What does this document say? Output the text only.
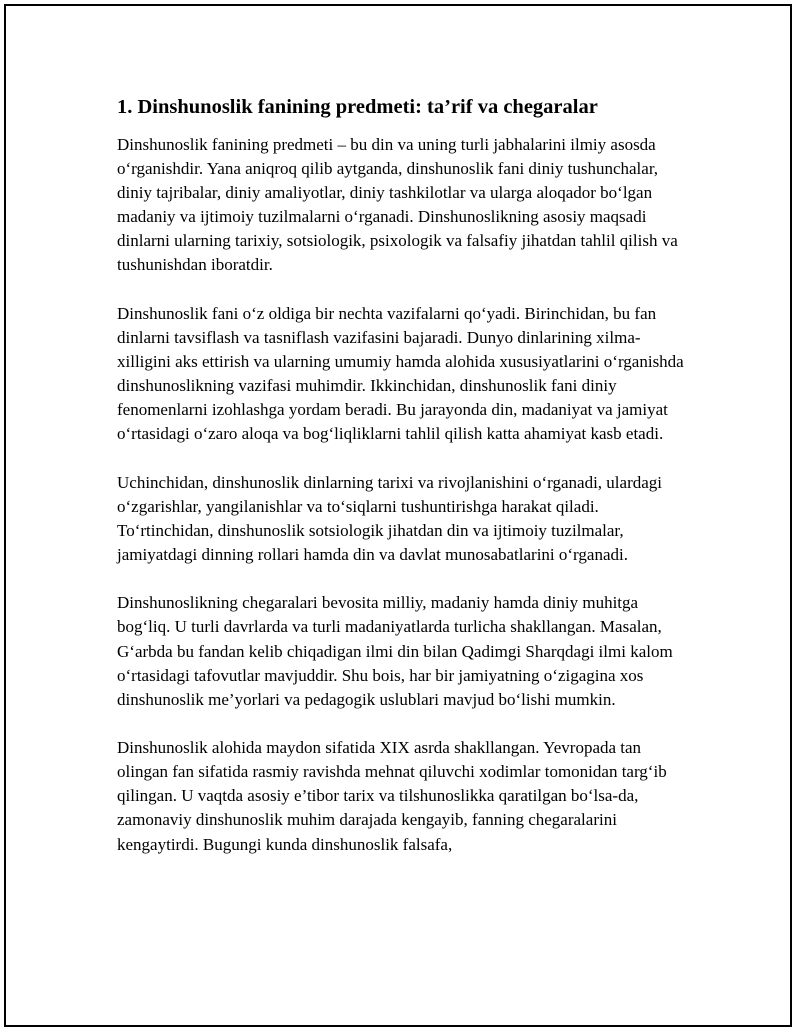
1. Dinshunoslik fanining predmeti: ta’rif va chegaralar

Dinshunoslik fanining predmeti – bu din va uning turli jabhalarini ilmiy asosda o‘rganishdir. Yana aniqroq qilib aytganda, dinshunoslik fani diniy tushunchalar, diniy tajribalar, diniy amaliyotlar, diniy tashkilotlar va ularga aloqador bo‘lgan madaniy va ijtimoiy tuzilmalarni o‘rganadi. Dinshunoslikning asosiy maqsadi dinlarni ularning tarixiy, sotsiologik, psixologik va falsafiy jihatdan tahlil qilish va tushunishdan iboratdir.

Dinshunoslik fani o‘z oldiga bir nechta vazifalarni qo‘yadi. Birinchidan, bu fan dinlarni tavsiflash va tasniflash vazifasini bajaradi. Dunyo dinlarining xilma-xilligini aks ettirish va ularning umumiy hamda alohida xususiyatlarini o‘rganishda dinshunoslikning vazifasi muhimdir. Ikkinchidan, dinshunoslik fani diniy fenomenlarni izohlashga yordam beradi. Bu jarayonda din, madaniyat va jamiyat o‘rtasidagi o‘zaro aloqa va bog‘liqliklarni tahlil qilish katta ahamiyat kasb etadi.

Uchinchidan, dinshunoslik dinlarning tarixi va rivojlanishini o‘rganadi, ulardagi o‘zgarishlar, yangilanishlar va to‘siqlarni tushuntirishga harakat qiladi. To‘rtinchidan, dinshunoslik sotsiologik jihatdan din va ijtimoiy tuzilmalar, jamiyatdagi dinning rollari hamda din va davlat munosabatlarini o‘rganadi.

Dinshunoslikning chegaralari bevosita milliy, madaniy hamda diniy muhitga bog‘liq. U turli davrlarda va turli madaniyatlarda turlicha shakllangan. Masalan, G‘arbda bu fandan kelib chiqadigan ilmi din bilan Qadimgi Sharqdagi ilmi kalom o‘rtasidagi tafovutlar mavjuddir. Shu bois, har bir jamiyatning o‘zigagina xos dinshunoslik me’yorlari va pedagogik uslublari mavjud bo‘lishi mumkin.

Dinshunoslik alohida maydon sifatida XIX asrda shakllangan. Yevropada tan olingan fan sifatida rasmiy ravishda mehnat qiluvchi xodimlar tomonidan targ‘ib qilingan. U vaqtda asosiy e’tibor tarix va tilshunoslikka qaratilgan bo‘lsa-da, zamonaviy dinshunoslik muhim darajada kengayib, fanning chegaralarini kengaytirdi. Bugungi kunda dinshunoslik falsafa,
